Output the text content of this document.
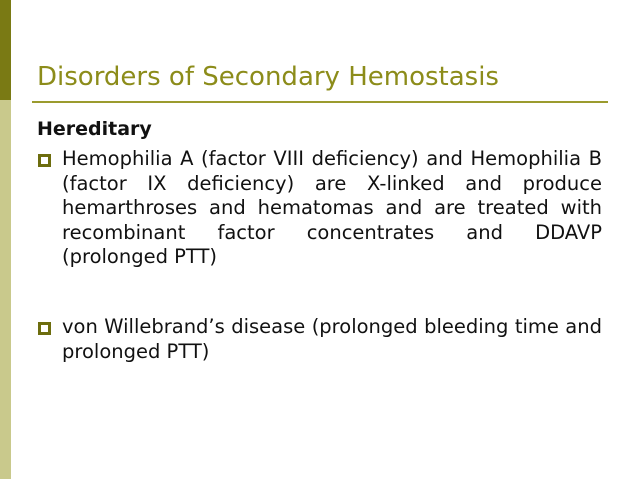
Disorders of Secondary Hemostasis
Hereditary

Hemophilia A (factor VIII deficiency) and Hemophilia B (factor IX deficiency) are X-linked and produce hemarthroses and hematomas and are treated with recombinant factor concentrates and DDAVP (prolonged PTT)

von Willebrand’s disease (prolonged bleeding time and prolonged PTT)
